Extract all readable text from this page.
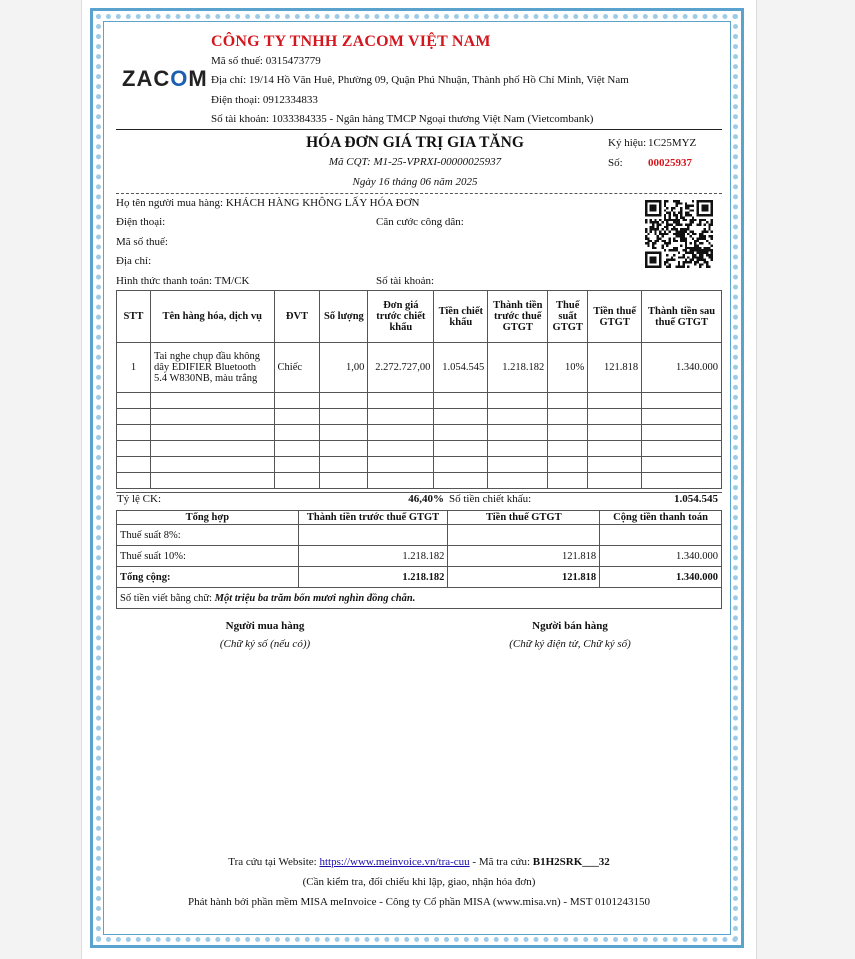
ZACOM
CÔNG TY TNHH ZACOM VIỆT NAM
Mã số thuế: 0315473779
Địa chỉ: 19/14 Hồ Văn Huê, Phường 09, Quận Phú Nhuận, Thành phố Hồ Chí Minh, Việt Nam
Điện thoại: 0912334833
Số tài khoản: 1033384335 - Ngân hàng TMCP Ngoại thương Việt Nam (Vietcombank)
HÓA ĐƠN GIÁ TRỊ GIA TĂNG
Mã CQT: M1-25-VPRXI-00000025937
Ngày 16 tháng 06 năm 2025
Ký hiệu: 1C25MYZ
Số: 00025937
Họ tên người mua hàng: KHÁCH HÀNG KHÔNG LẤY HÓA ĐƠN
Điện thoại:	Căn cước công dân:
Mã số thuế:
Địa chỉ:
Hình thức thanh toán: TM/CK	Số tài khoản:
STT	Tên hàng hóa, dịch vụ	ĐVT	Số lượng	Đơn giá trước chiết khấu	Tiền chiết khấu	Thành tiền trước thuế GTGT	Thuế suất GTGT	Tiền thuế GTGT	Thành tiền sau thuế GTGT
1	Tai nghe chụp đầu không dây EDIFIER Bluetooth 5.4 W830NB, màu trắng	Chiếc	1,00	2.272.727,00	1.054.545	1.218.182	10%	121.818	1.340.000

Tỷ lệ CK:	46,40% Số tiền chiết khấu:	1.054.545
Tổng hợp	Thành tiền trước thuế GTGT	Tiền thuế GTGT	Cộng tiền thanh toán
Thuế suất 8%:			
Thuế suất 10%:	1.218.182	121.818	1.340.000
Tổng cộng:	1.218.182	121.818	1.340.000
Số tiền viết bằng chữ: Một triệu ba trăm bốn mươi nghìn đồng chẵn.			
Người mua hàng
(Chữ ký số (nếu có))
Người bán hàng
(Chữ ký điện tử, Chữ ký số)
Tra cứu tại Website: https://www.meinvoice.vn/tra-cuu - Mã tra cứu: B1H2SRK___32
(Cần kiểm tra, đối chiếu khi lập, giao, nhận hóa đơn)
Phát hành bởi phần mềm MISA meInvoice - Công ty Cổ phần MISA (www.misa.vn) - MST 0101243150
